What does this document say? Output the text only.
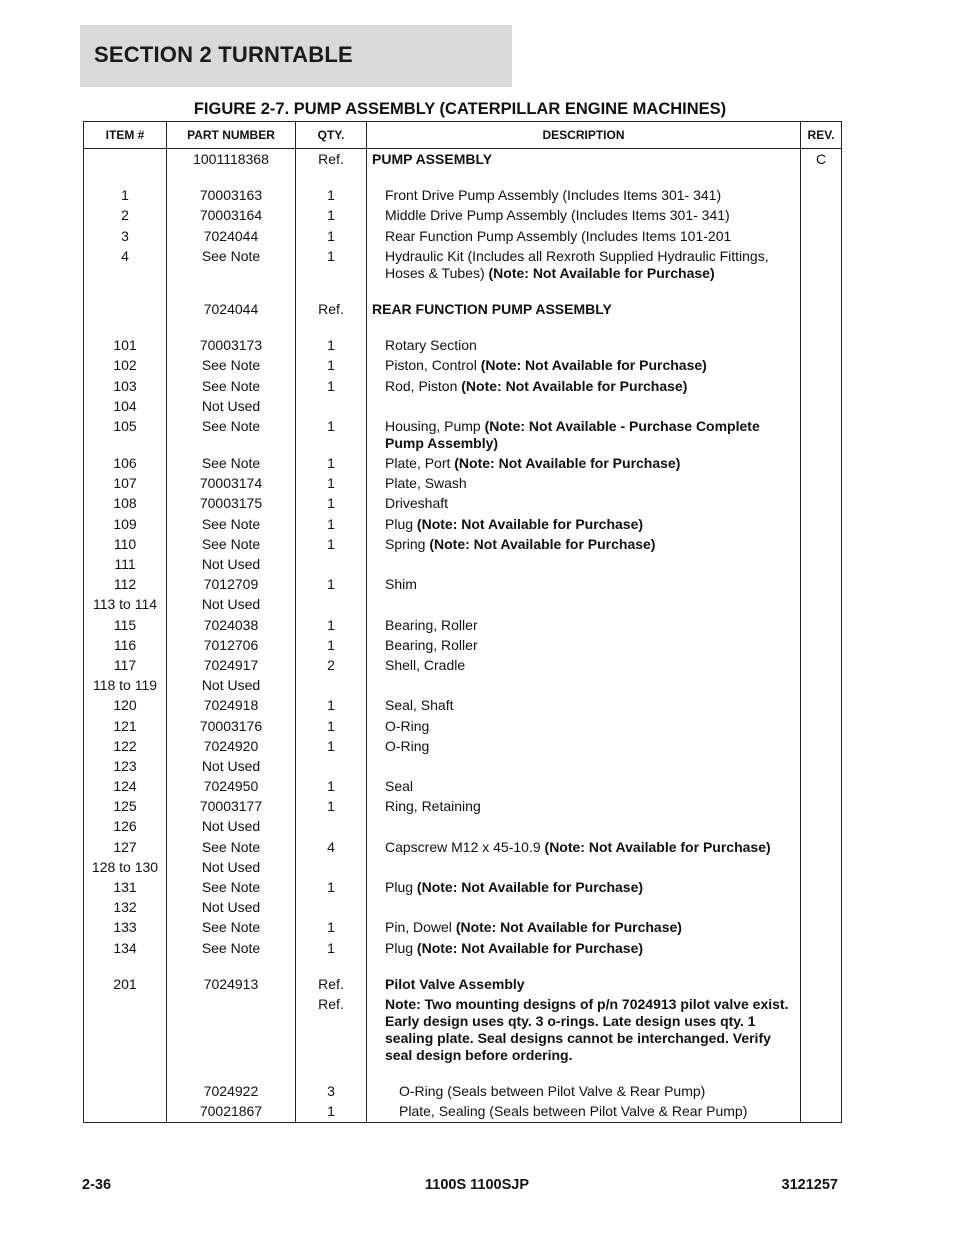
SECTION 2 TURNTABLE
FIGURE 2-7. PUMP ASSEMBLY (CATERPILLAR ENGINE MACHINES)
ITEM #	PART NUMBER	QTY.	DESCRIPTION	REV.
	1001118368	Ref.	PUMP ASSEMBLY	C

1	70003163	1	Front Drive Pump Assembly (Includes Items 301- 341)	
2	70003164	1	Middle Drive Pump Assembly (Includes Items 301- 341)	
3	7024044	1	Rear Function Pump Assembly (Includes Items 101-201	
4	See Note	1	Hydraulic Kit (Includes all Rexroth Supplied Hydraulic Fittings, Hoses & Tubes) (Note: Not Available for Purchase)	

	7024044	Ref.	REAR FUNCTION PUMP ASSEMBLY	

101	70003173	1	Rotary Section	
102	See Note	1	Piston, Control (Note: Not Available for Purchase)	
103	See Note	1	Rod, Piston (Note: Not Available for Purchase)	
104	Not Used			
105	See Note	1	Housing, Pump (Note: Not Available - Purchase Complete Pump Assembly)	
106	See Note	1	Plate, Port (Note: Not Available for Purchase)	
107	70003174	1	Plate, Swash	
108	70003175	1	Driveshaft	
109	See Note	1	Plug (Note: Not Available for Purchase)	
110	See Note	1	Spring (Note: Not Available for Purchase)	
111	Not Used			
112	7012709	1	Shim	
113 to 114	Not Used			
115	7024038	1	Bearing, Roller	
116	7012706	1	Bearing, Roller	
117	7024917	2	Shell, Cradle	
118 to 119	Not Used			
120	7024918	1	Seal, Shaft	
121	70003176	1	O-Ring	
122	7024920	1	O-Ring	
123	Not Used			
124	7024950	1	Seal	
125	70003177	1	Ring, Retaining	
126	Not Used			
127	See Note	4	Capscrew M12 x 45-10.9 (Note: Not Available for Purchase)	
128 to 130	Not Used			
131	See Note	1	Plug (Note: Not Available for Purchase)	
132	Not Used			
133	See Note	1	Pin, Dowel (Note: Not Available for Purchase)	
134	See Note	1	Plug (Note: Not Available for Purchase)	

201	7024913	Ref.	Pilot Valve Assembly	
		Ref.	Note: Two mounting designs of p/n 7024913 pilot valve exist. Early design uses qty. 3 o-rings. Late design uses qty. 1 sealing plate. Seal designs cannot be interchanged. Verify seal design before ordering.	

	7024922	3	O-Ring (Seals between Pilot Valve & Rear Pump)	
	70021867	1	Plate, Sealing (Seals between Pilot Valve & Rear Pump)	
2-36	1100S 1100SJP	3121257
